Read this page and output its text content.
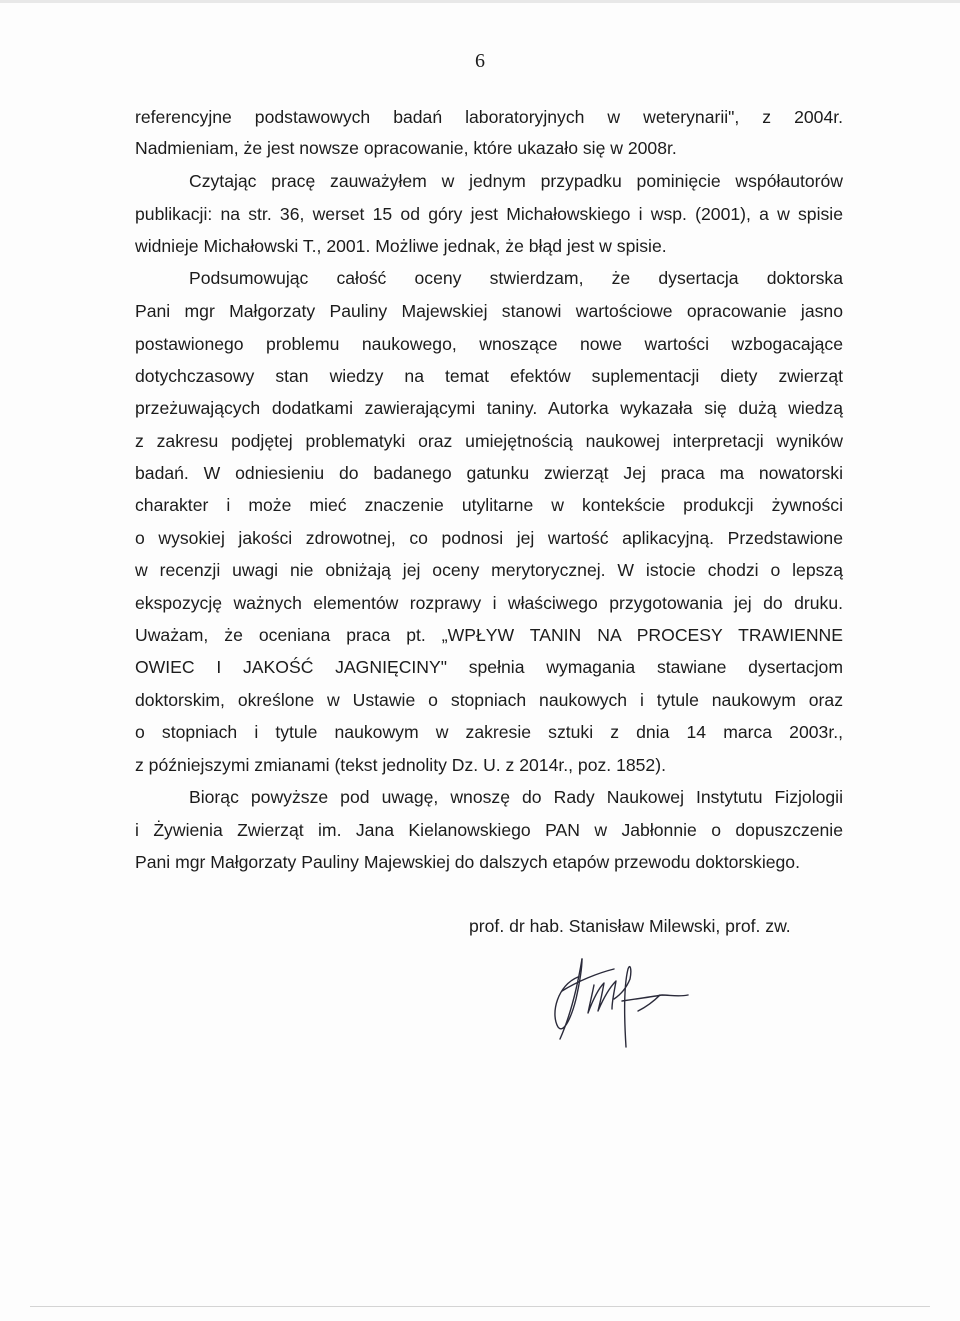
6
referencyjne podstawowych badań laboratoryjnych w weterynarii", z 2004r.
Nadmieniam, że jest nowsze opracowanie, które ukazało się w 2008r.
Czytając pracę zauważyłem w jednym przypadku pominięcie współautorów
publikacji: na str. 36, werset 15 od góry jest Michałowskiego i wsp. (2001), a w spisie
widnieje Michałowski T., 2001. Możliwe jednak, że błąd jest w spisie.
Podsumowując całość oceny stwierdzam, że dysertacja doktorska
Pani mgr Małgorzaty Pauliny Majewskiej stanowi wartościowe opracowanie jasno
postawionego problemu naukowego, wnoszące nowe wartości wzbogacające
dotychczasowy stan wiedzy na temat efektów suplementacji diety zwierząt
przeżuwających dodatkami zawierającymi taniny. Autorka wykazała się dużą wiedzą
z zakresu podjętej problematyki oraz umiejętnością naukowej interpretacji wyników
badań. W odniesieniu do badanego gatunku zwierząt Jej praca ma nowatorski
charakter i może mieć znaczenie utylitarne w kontekście produkcji żywności
o wysokiej jakości zdrowotnej, co podnosi jej wartość aplikacyjną. Przedstawione
w recenzji uwagi nie obniżają jej oceny merytorycznej. W istocie chodzi o lepszą
ekspozycję ważnych elementów rozprawy i właściwego przygotowania jej do druku.
Uważam, że oceniana praca pt. „WPŁYW TANIN NA PROCESY TRAWIENNE
OWIEC I JAKOŚĆ JAGNIĘCINY" spełnia wymagania stawiane dysertacjom
doktorskim, określone w Ustawie o stopniach naukowych i tytule naukowym oraz
o stopniach i tytule naukowym w zakresie sztuki z dnia 14 marca 2003r.,
z późniejszymi zmianami (tekst jednolity Dz. U. z 2014r., poz. 1852).
Biorąc powyższe pod uwagę, wnoszę do Rady Naukowej Instytutu Fizjologii
i Żywienia Zwierząt im. Jana Kielanowskiego PAN w Jabłonnie o dopuszczenie
Pani mgr Małgorzaty Pauliny Majewskiej do dalszych etapów przewodu doktorskiego.
prof. dr hab. Stanisław Milewski, prof. zw.
